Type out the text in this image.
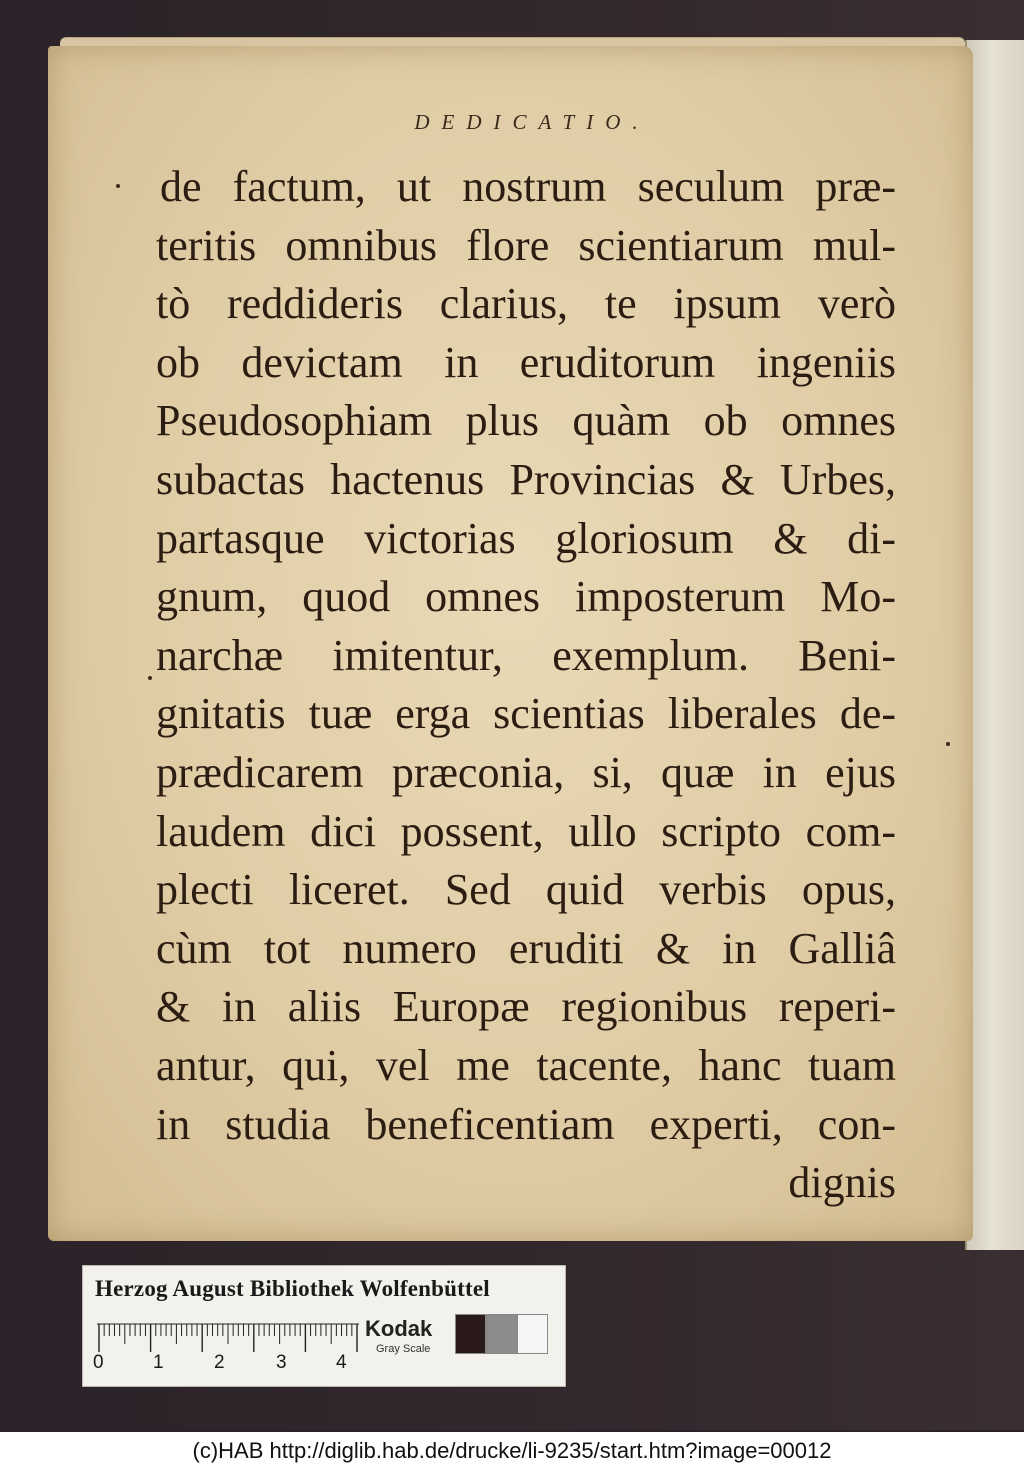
DEDICATIO.
de factum, ut nostrum seculum præ-
teritis omnibus flore scientiarum mul-
tò reddideris clarius, te ipsum verò
ob devictam in eruditorum ingeniis
Pseudosophiam plus quàm ob omnes
subactas hactenus Provincias & Urbes,
partasque victorias gloriosum & di-
gnum, quod omnes imposterum Mo-
narchæ imitentur, exemplum. Beni-
gnitatis tuæ erga scientias liberales de-
prædicarem præconia, si, quæ in ejus
laudem dici possent, ullo scripto com-
plecti liceret. Sed quid verbis opus,
cùm tot numero eruditi & in Galliâ
& in aliis Europæ regionibus reperi-
antur, qui, vel me tacente, hanc tuam
in studia beneficentiam experti, con-
dignis
Herzog August Bibliothek Wolfenbüttel
0	1	2	3	4
Kodak
Gray Scale
(c)HAB http://diglib.hab.de/drucke/li-9235/start.htm?image=00012
